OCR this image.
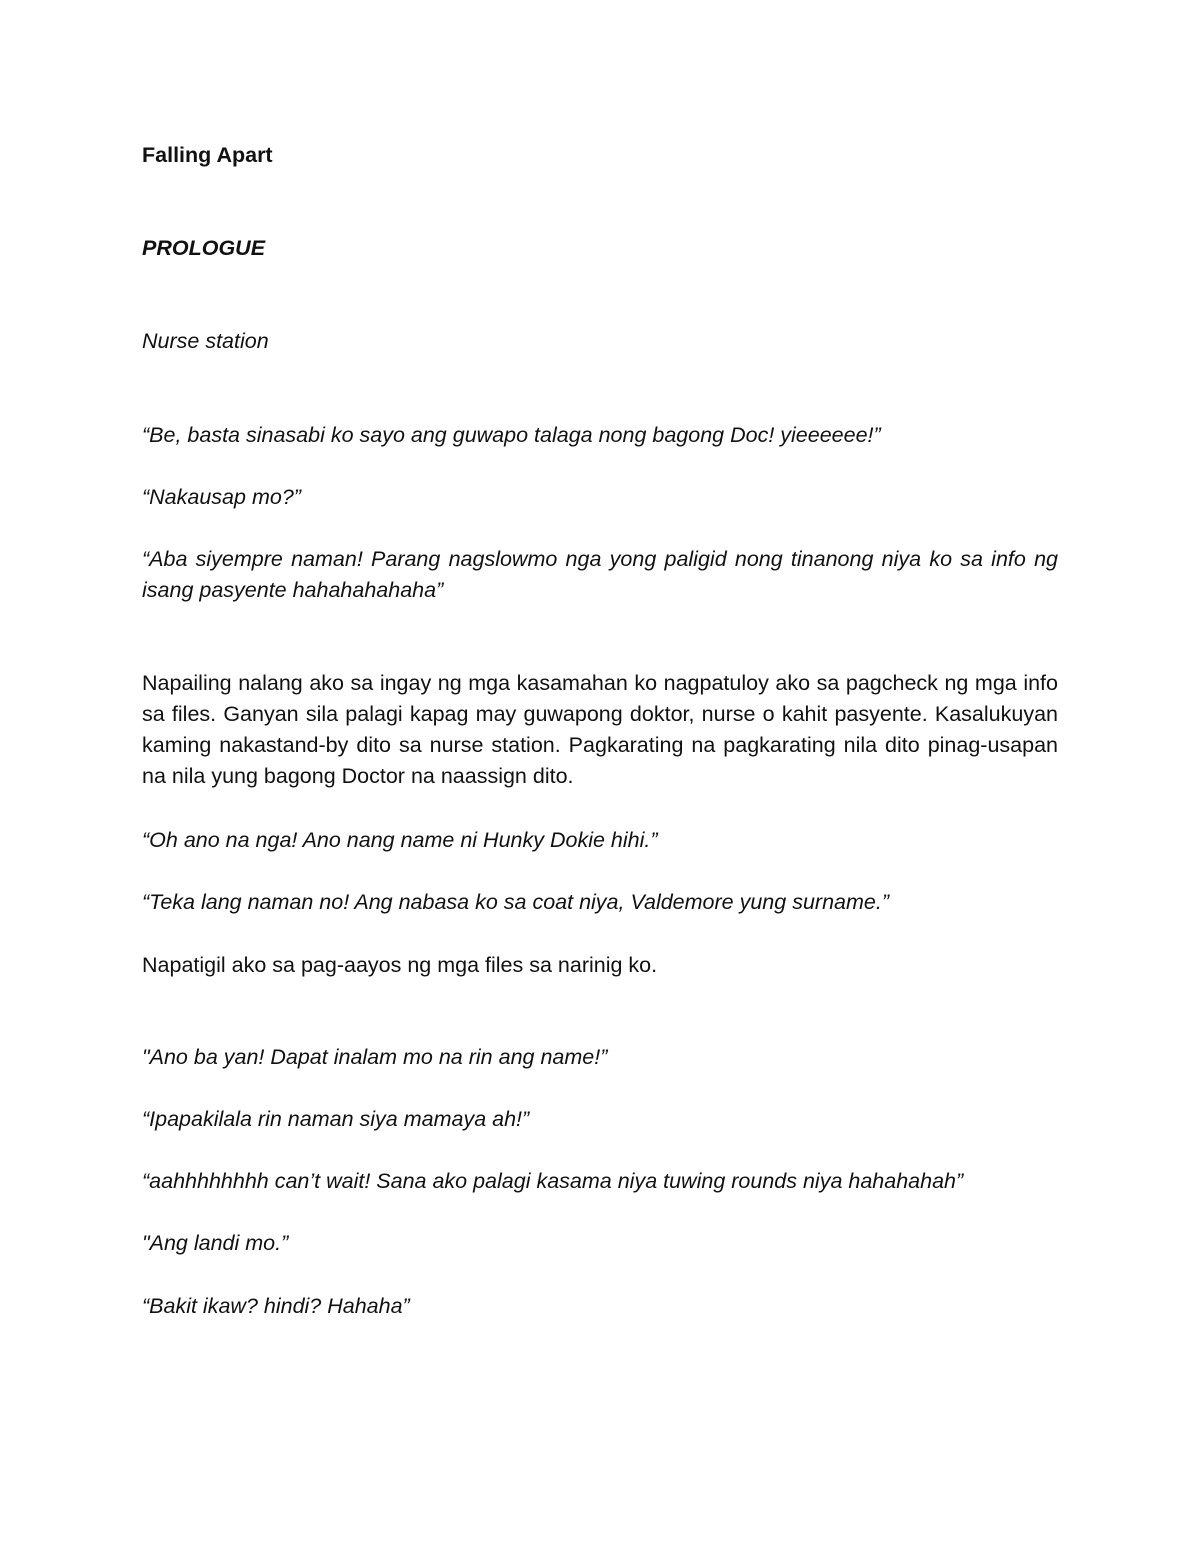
Falling Apart

PROLOGUE

Nurse station

“Be, basta sinasabi ko sayo ang guwapo talaga nong bagong Doc! yieeeeee!”

“Nakausap mo?”

“Aba siyempre naman! Parang nagslowmo nga yong paligid nong tinanong niya ko sa info ng isang pasyente hahahahahaha”

Napailing nalang ako sa ingay ng mga kasamahan ko nagpatuloy ako sa pagcheck ng mga info sa files. Ganyan sila palagi kapag may guwapong doktor, nurse o kahit pasyente. Kasalukuyan kaming nakastand-by dito sa nurse station. Pagkarating na pagkarating nila dito pinag-usapan na nila yung bagong Doctor na naassign dito.

“Oh ano na nga! Ano nang name ni Hunky Dokie hihi.”

“Teka lang naman no! Ang nabasa ko sa coat niya, Valdemore yung surname.”

Napatigil ako sa pag-aayos ng mga files sa narinig ko.

"Ano ba yan! Dapat inalam mo na rin ang name!”

“Ipapakilala rin naman siya mamaya ah!”

“aahhhhhhhh can’t wait! Sana ako palagi kasama niya tuwing rounds niya hahahahah”

"Ang landi mo.”

“Bakit ikaw? hindi? Hahaha”
